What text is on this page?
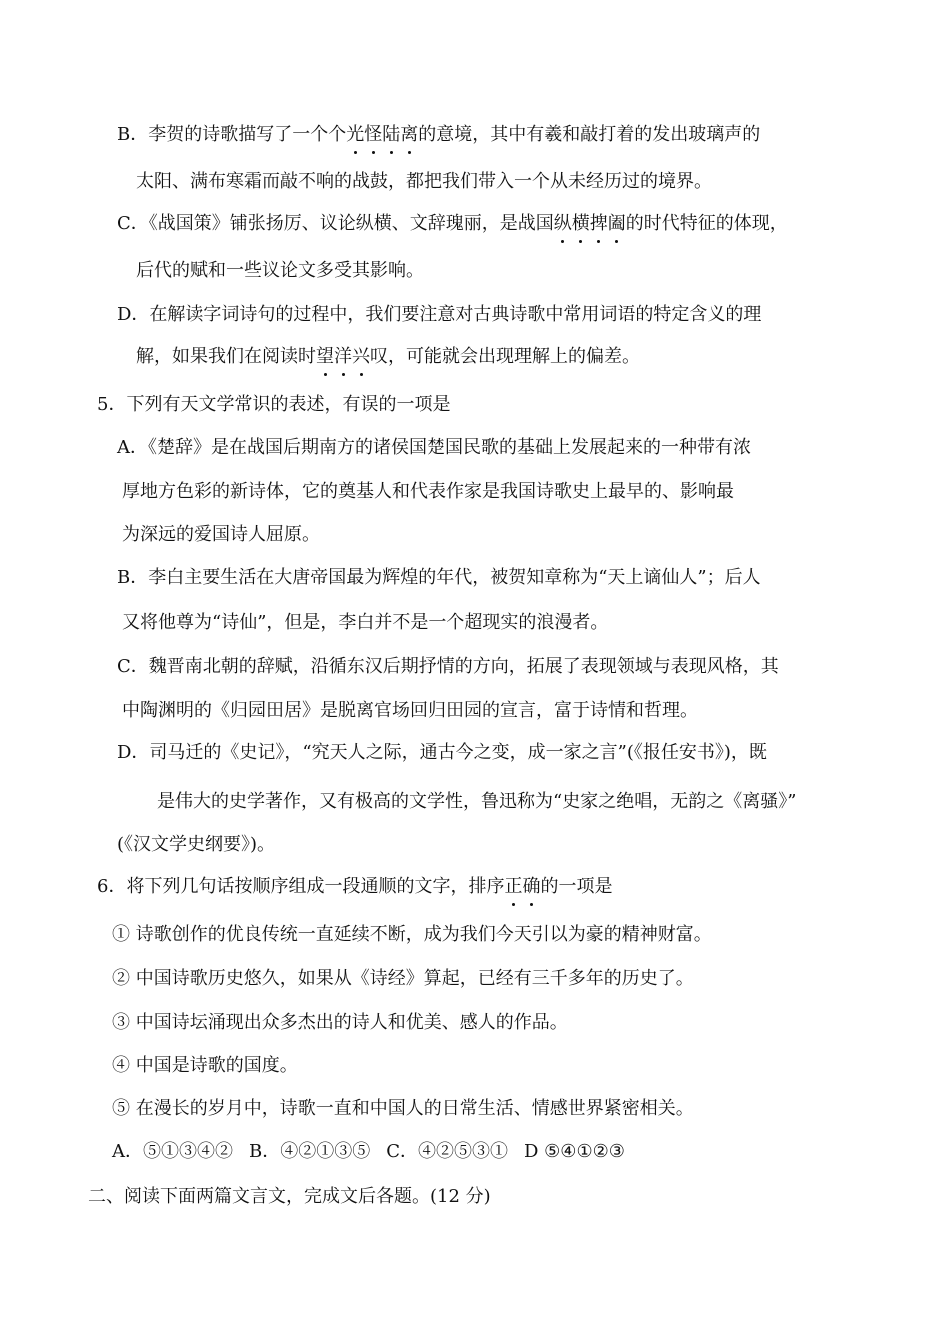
B．李贺的诗歌描写了一个个光怪陆离的意境，其中有羲和敲打着的发出玻璃声的
太阳、满布寒霜而敲不响的战鼓，都把我们带入一个从未经历过的境界。
C．《战国策》铺张扬厉、议论纵横、文辞瑰丽，是战国纵横捭阖的时代特征的体现，
后代的赋和一些议论文多受其影响。
D．在解读字词诗句的过程中，我们要注意对古典诗歌中常用词语的特定含义的理
解，如果我们在阅读时望洋兴叹，可能就会出现理解上的偏差。
5．下列有天文学常识的表述，有误的一项是
A．《楚辞》是在战国后期南方的诸侯国楚国民歌的基础上发展起来的一种带有浓
厚地方色彩的新诗体，它的奠基人和代表作家是我国诗歌史上最早的、影响最
为深远的爱国诗人屈原。
B．李白主要生活在大唐帝国最为辉煌的年代，被贺知章称为“天上谪仙人”；后人
又将他尊为“诗仙”，但是，李白并不是一个超现实的浪漫者。
C．魏晋南北朝的辞赋，沿循东汉后期抒情的方向，拓展了表现领域与表现风格，其
中陶渊明的《归园田居》是脱离官场回归田园的宣言，富于诗情和哲理。
D．司马迁的《史记》，“究天人之际，通古今之变，成一家之言”(《报任安书》)，既
是伟大的史学著作，又有极高的文学性，鲁迅称为“史家之绝唱，无韵之《离骚》”
(《汉文学史纲要》)。
6．将下列几句话按顺序组成一段通顺的文字，排序正确的一项是
① 诗歌创作的优良传统一直延续不断，成为我们今天引以为豪的精神财富。
② 中国诗歌历史悠久，如果从《诗经》算起，已经有三千多年的历史了。
③ 中国诗坛涌现出众多杰出的诗人和优美、感人的作品。
④ 中国是诗歌的国度。
⑤ 在漫长的岁月中，诗歌一直和中国人的日常生活、情感世界紧密相关。
A．⑤①③④② B．④②①③⑤ C．④②⑤③① D ⑤④①②③
二、阅读下面两篇文言文，完成文后各题。(12 分)
